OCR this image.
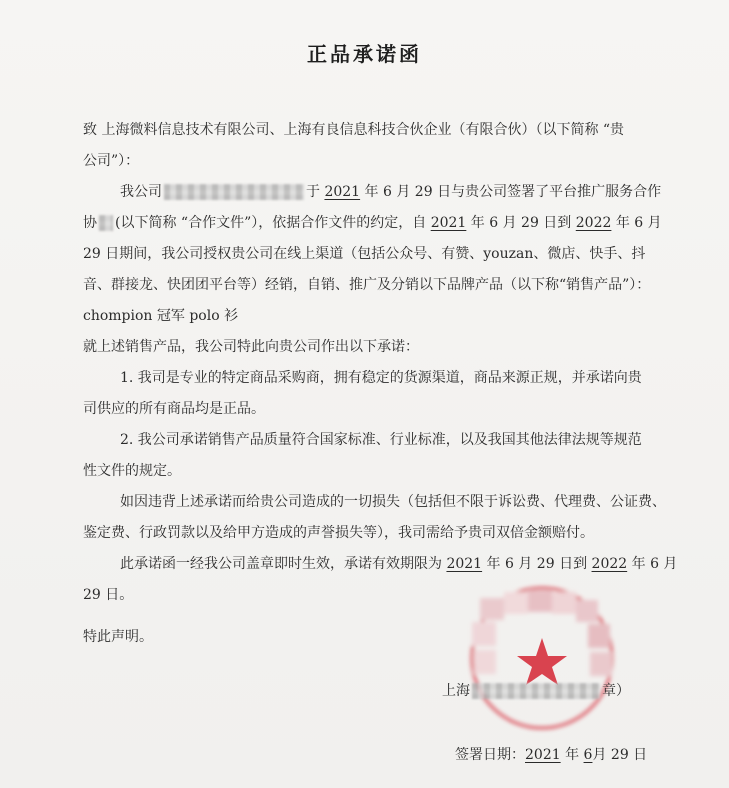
正品承诺函
致 上海微料信息技术有限公司、上海有良信息科技合伙企业（有限合伙）（以下简称 “贵
公司”）：
我公司	于 2021 年 6 月 29 日与贵公司签署了平台推广服务合作
协 (以下简称 “合作文件”），依据合作文件的约定，自 2021 年 6 月 29 日到 2022 年 6 月
29 日期间，我公司授权贵公司在线上渠道（包括公众号、有赞、youzan、微店、快手、抖
音、群接龙、快团团平台等）经销，自销、推广及分销以下品牌产品（以下称“销售产品”）：
chompion 冠军 polo 衫
就上述销售产品，我公司特此向贵公司作出以下承诺：
1. 我司是专业的特定商品采购商，拥有稳定的货源渠道，商品来源正规，并承诺向贵
司供应的所有商品均是正品。
2. 我公司承诺销售产品质量符合国家标准、行业标准，以及我国其他法律法规等规范
性文件的规定。
如因违背上述承诺而给贵公司造成的一切损失（包括但不限于诉讼费、代理费、公证费、
鉴定费、行政罚款以及给甲方造成的声誉损失等），我司需给予贵司双倍金额赔付。
此承诺函一经我公司盖章即时生效，承诺有效期限为 2021 年 6 月 29 日到 2022 年 6 月
29 日。
特此声明。
上海	章）
签署日期：2021 年 6月 29 日
